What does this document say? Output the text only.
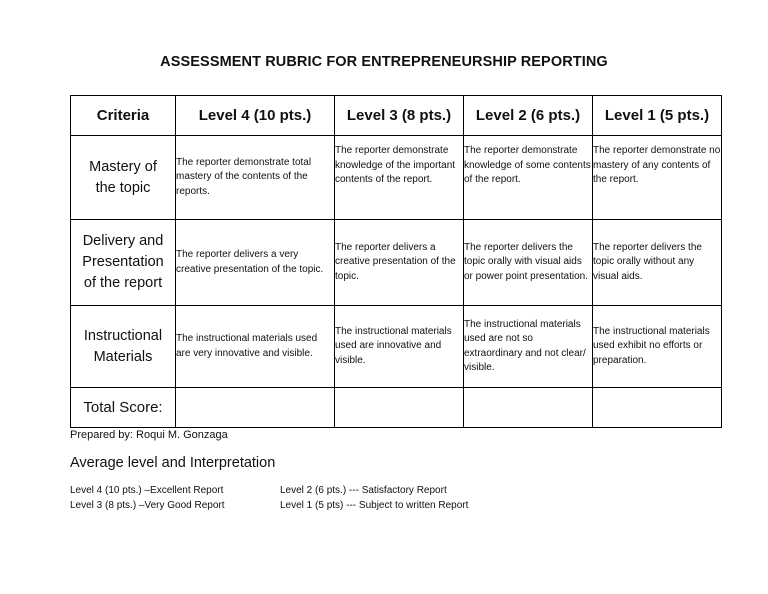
ASSESSMENT RUBRIC FOR ENTREPRENEURSHIP REPORTING
Criteria	Level 4 (10 pts.)	Level 3 (8 pts.)	Level 2 (6 pts.)	Level 1 (5 pts.)

Mastery of
the topic	The reporter demonstrate total mastery of the contents of the reports.	The reporter demonstrate knowledge of the important contents of the report.	The reporter demonstrate knowledge of some contents of the report.	The reporter demonstrate no mastery of any contents of the report.

Delivery and
Presentation
of the report	The reporter delivers a very creative presentation of the topic.	The reporter delivers a creative presentation of the topic.	The reporter delivers the topic orally with visual aids or power point presentation.	The reporter delivers the topic orally without any visual aids.

Instructional
Materials	The instructional materials used are very innovative and visible.	The instructional materials used are innovative and visible.	The instructional materials used are not so extraordinary and not clear/ visible.	The instructional materials used exhibit no efforts or preparation.
Total Score:				
Prepared by: Roqui M. Gonzaga
Average level and Interpretation
Level 4 (10 pts.) –Excellent Report
Level 3 (8 pts.) –Very Good Report
Level 2 (6 pts.) --- Satisfactory Report
Level 1 (5 pts) --- Subject to written Report
